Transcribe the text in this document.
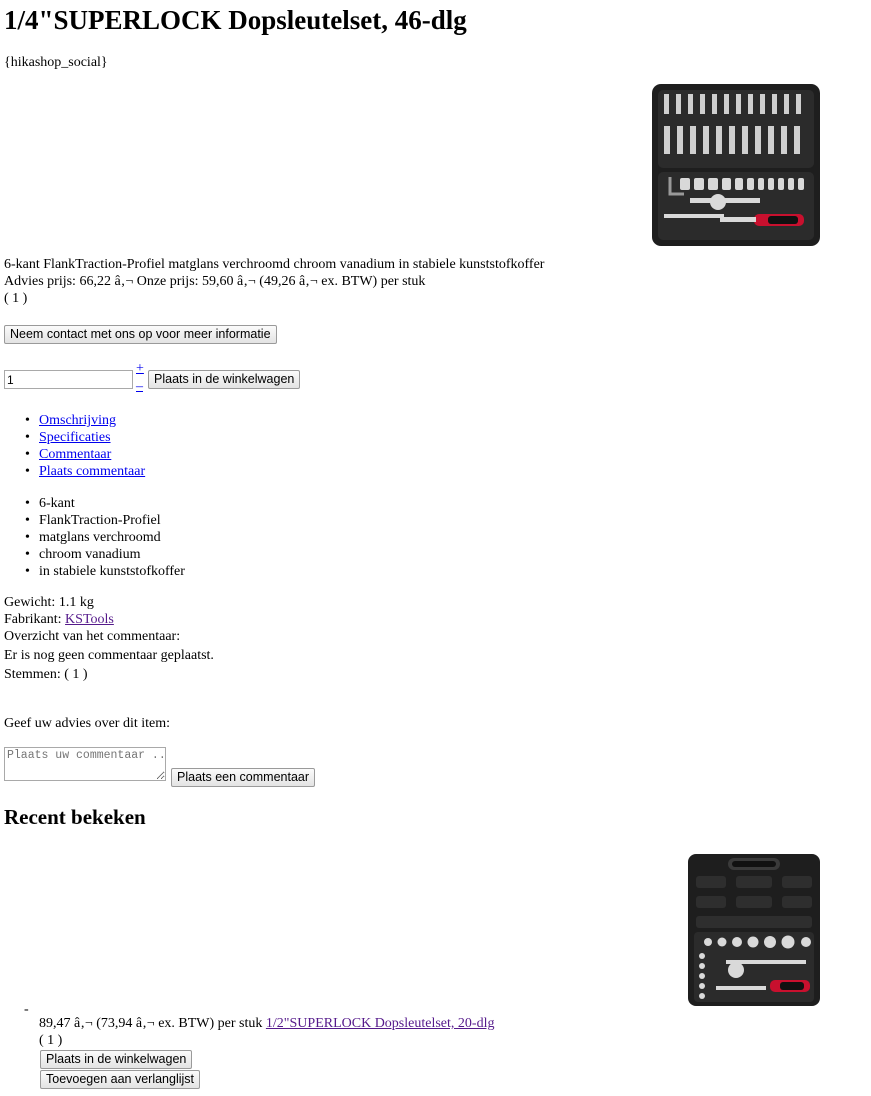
1/4"SUPERLOCK Dopsleutelset, 46-dlg
{hikashop_social}
6-kant FlankTraction-Profiel matglans verchroomd chroom vanadium in stabiele kunststofkoffer
Advies prijs: 66,22 â‚¬ Onze prijs: 59,60 â‚¬ (49,26 â‚¬ ex. BTW) per stuk
( 1 )
Neem contact met ons op voor meer informatie
1
+
– Plaats in de winkelwagen
• Omschrijving
• Specificaties
• Commentaar
• Plaats commentaar
• 6-kant
• FlankTraction-Profiel
• matglans verchroomd
• chroom vanadium
• in stabiele kunststofkoffer
Gewicht: 1.1 kg
Fabrikant: KSTools
Overzicht van het commentaar:
Er is nog geen commentaar geplaatst.
Stemmen: ( 1 )
Geef uw advies over dit item:
Plaats uw commentaar ...
Plaats een commentaar
Recent bekeken
-
89,47 â‚¬ (73,94 â‚¬ ex. BTW) per stuk 1/2"SUPERLOCK Dopsleutelset, 20-dlg
( 1 )
Plaats in de winkelwagen
Toevoegen aan verlanglijst
